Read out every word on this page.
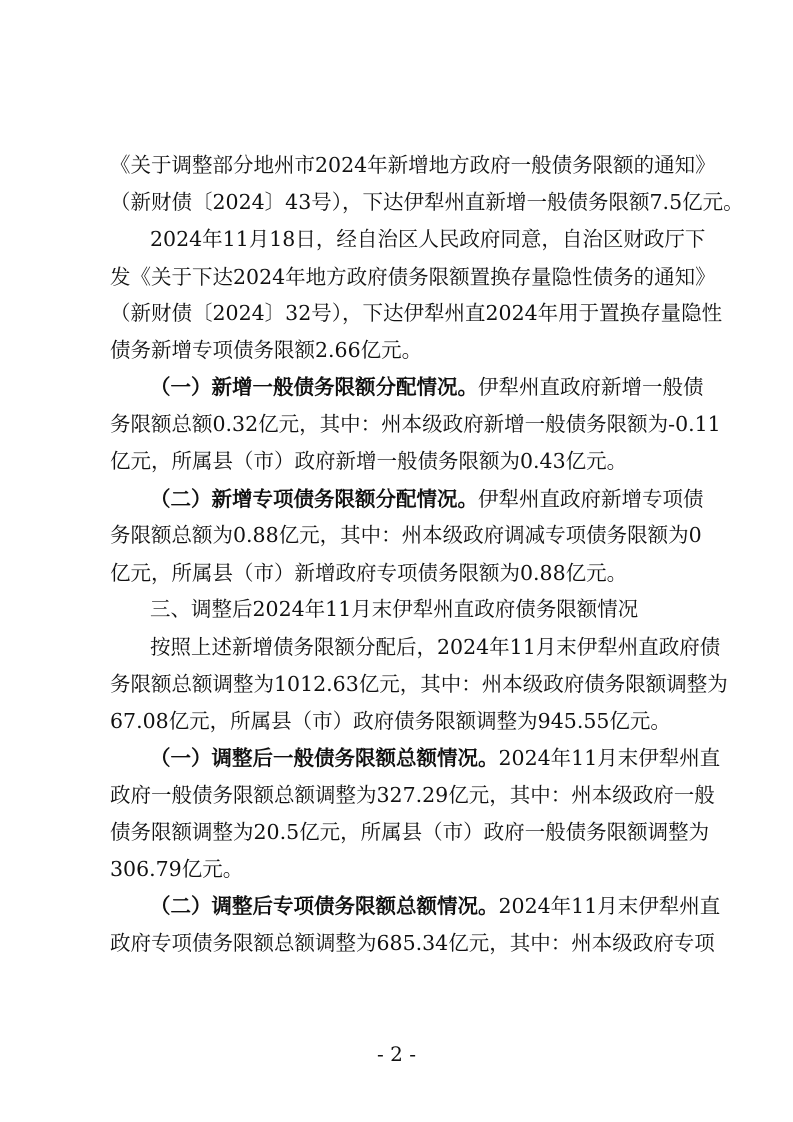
《关于调整部分地州市2024年新增地方政府一般债务限额的通知》
（新财债〔2024〕43号），下达伊犁州直新增一般债务限额7.5亿元。
2024年11月18日，经自治区人民政府同意，自治区财政厅下
发《关于下达2024年地方政府债务限额置换存量隐性债务的通知》
（新财债〔2024〕32号），下达伊犁州直2024年用于置换存量隐性
债务新增专项债务限额2.66亿元。
（一）新增一般债务限额分配情况。伊犁州直政府新增一般债
务限额总额0.32亿元，其中：州本级政府新增一般债务限额为-0.11
亿元，所属县（市）政府新增一般债务限额为0.43亿元。
（二）新增专项债务限额分配情况。伊犁州直政府新增专项债
务限额总额为0.88亿元，其中：州本级政府调减专项债务限额为0
亿元，所属县（市）新增政府专项债务限额为0.88亿元。
三、调整后2024年11月末伊犁州直政府债务限额情况
按照上述新增债务限额分配后，2024年11月末伊犁州直政府债
务限额总额调整为1012.63亿元，其中：州本级政府债务限额调整为
67.08亿元，所属县（市）政府债务限额调整为945.55亿元。
（一）调整后一般债务限额总额情况。2024年11月末伊犁州直
政府一般债务限额总额调整为327.29亿元，其中：州本级政府一般
债务限额调整为20.5亿元，所属县（市）政府一般债务限额调整为
306.79亿元。
（二）调整后专项债务限额总额情况。2024年11月末伊犁州直
政府专项债务限额总额调整为685.34亿元，其中：州本级政府专项
- 2 -
